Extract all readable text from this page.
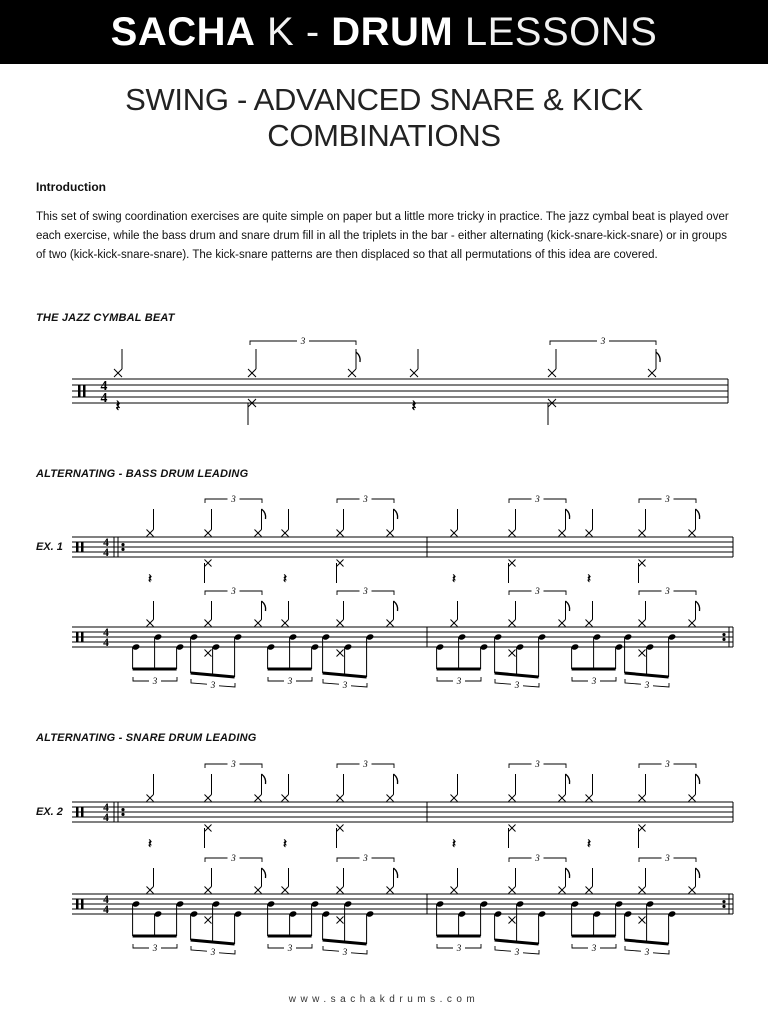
SACHA K - DRUM LESSONS
SWING - ADVANCED SNARE & KICK
COMBINATIONS
Introduction
This set of swing coordination exercises are quite simple on paper but a little more tricky in practice. The jazz cymbal beat is played over each exercise, while the bass drum and snare drum fill in all the triplets in the bar - either alternating (kick-snare-kick-snare) or in groups of two (kick-kick-snare-snare). The kick-snare patterns are then displaced so that all permutations of this idea are covered.
THE JAZZ CYMBAL BEAT
ALTERNATING - BASS DRUM LEADING
ALTERNATING - SNARE DRUM LEADING
EX. 1
EX. 2
4
4
𝄽	𝄽
3	3
4
4
4
4
𝄽	𝄽
3	3
3	3
3	3	3	3
𝄽	𝄽
3	3
3	3
3	3	3	3
4
4
4
4
𝄽	𝄽
3	3
3	3
3	3	3	3
𝄽	𝄽
3	3
3	3
3	3	3	3
www.sachakdrums.com
